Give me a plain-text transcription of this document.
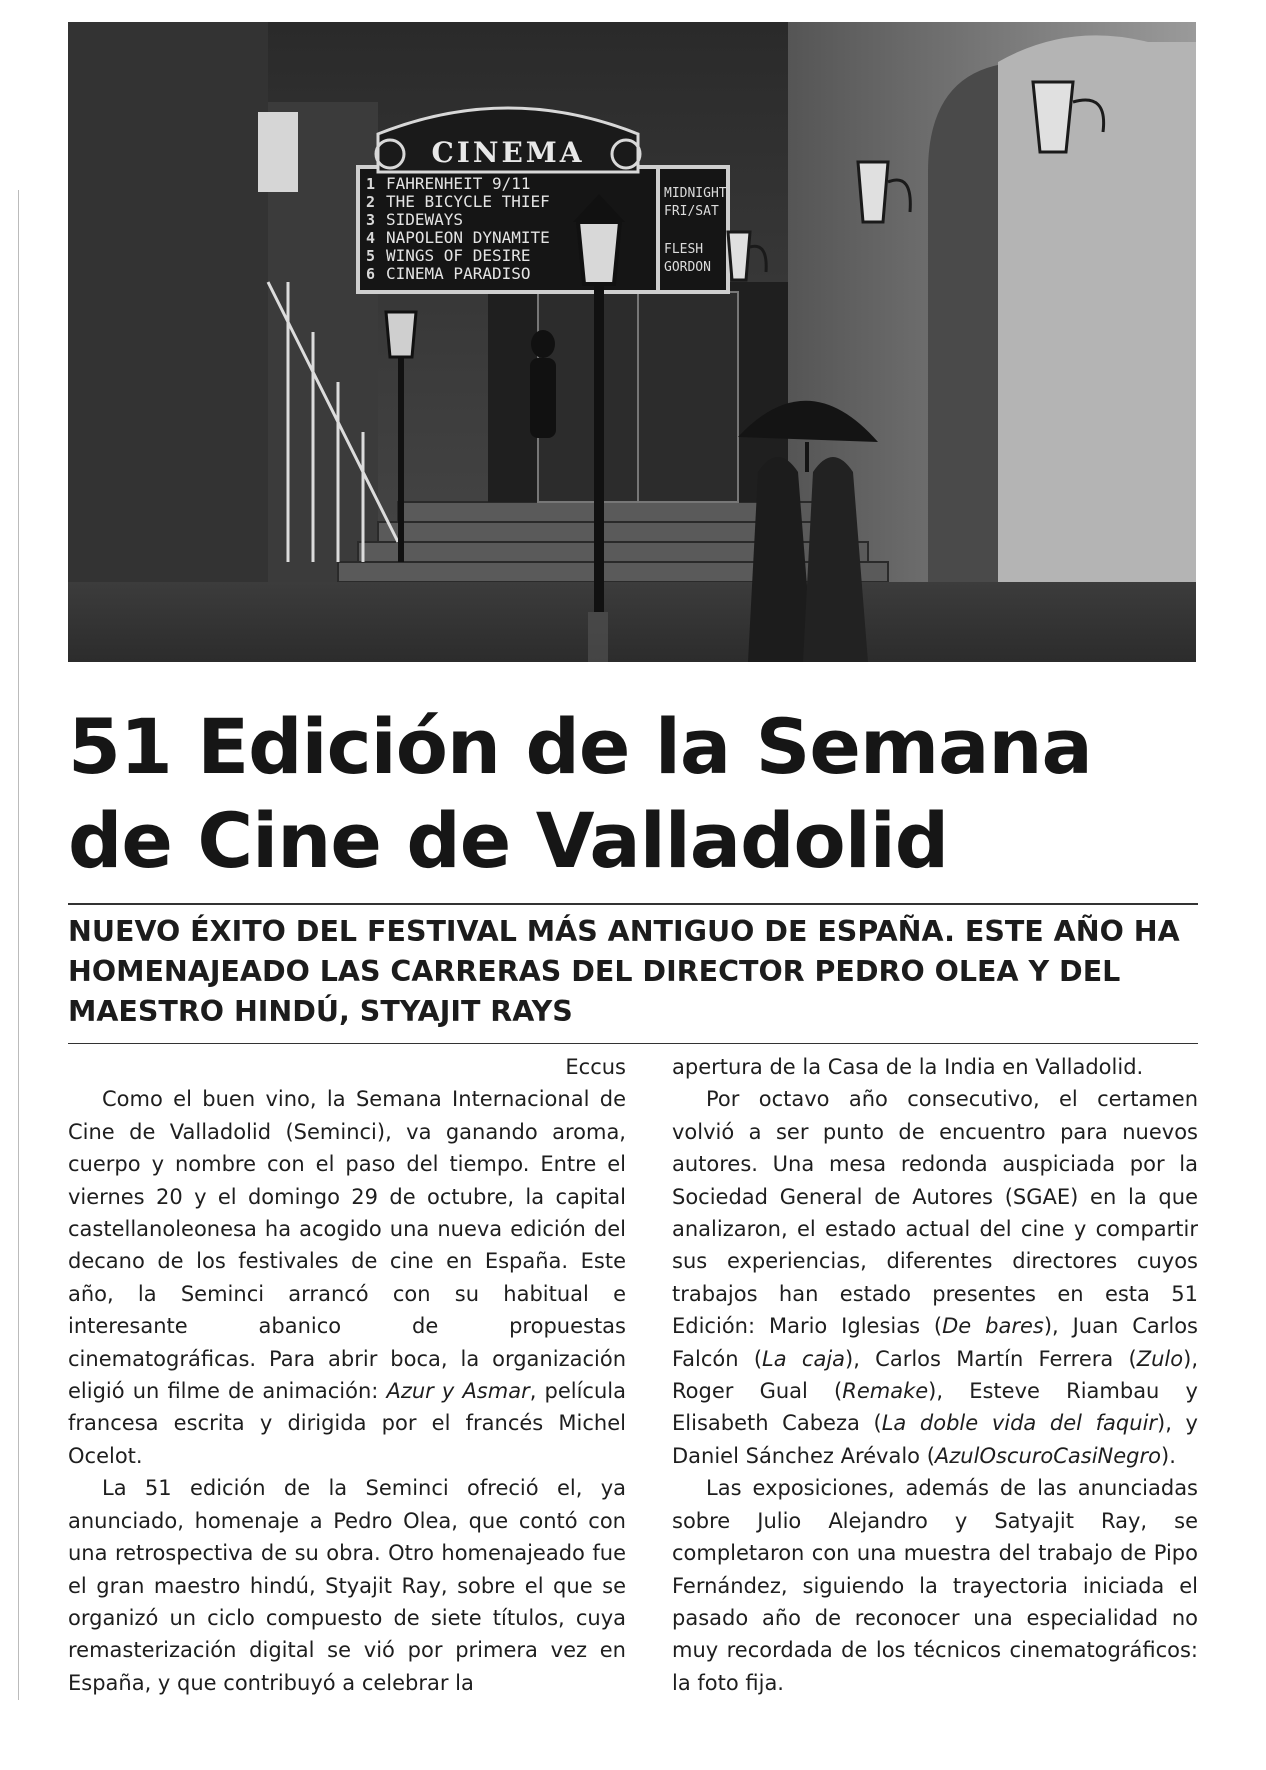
CINEMA
1
2
3
4
5
6
FAHRENHEIT 9/11
THE BICYCLE THIEF
SIDEWAYS
NAPOLEON DYNAMITE
WINGS OF DESIRE
CINEMA PARADISO
MIDNIGHT
FRI/SAT
FLESH
GORDON
51 Edición de la Semana
de Cine de Valladolid
NUEVO ÉXITO DEL FESTIVAL MÁS ANTIGUO DE ESPAÑA. ESTE AÑO HA HOMENAJEADO LAS CARRERAS DEL DIRECTOR PEDRO OLEA Y DEL MAESTRO HINDÚ, STYAJIT RAYS

Eccus

Como el buen vino, la Semana Internacional de Cine de Valladolid (Seminci), va ganando aroma, cuerpo y nombre con el paso del tiempo. Entre el viernes 20 y el domingo 29 de octubre, la capital castellanoleonesa ha acogido una nueva edición del decano de los festivales de cine en España. Este año, la Seminci arrancó con su habitual e interesante abanico de propuestas cinematográficas. Para abrir boca, la organización eligió un filme de animación: Azur y Asmar, película francesa escrita y dirigida por el francés Michel Ocelot.

La 51 edición de la Seminci ofreció el, ya anunciado, homenaje a Pedro Olea, que contó con una retrospectiva de su obra. Otro homenajeado fue el gran maestro hindú, Styajit Ray, sobre el que se organizó un ciclo compuesto de siete títulos, cuya remasterización digital se vió por primera vez en España, y que contribuyó a celebrar la

apertura de la Casa de la India en Valladolid.

Por octavo año consecutivo, el certamen volvió a ser punto de encuentro para nuevos autores. Una mesa redonda auspiciada por la Sociedad General de Autores (SGAE) en la que analizaron, el estado actual del cine y compartir sus experiencias, diferentes directores cuyos trabajos han estado presentes en esta 51 Edición: Mario Iglesias (De bares), Juan Carlos Falcón (La caja), Carlos Martín Ferrera (Zulo), Roger Gual (Remake), Esteve Riambau y Elisabeth Cabeza (La doble vida del faquir), y Daniel Sánchez Arévalo (AzulOscuroCasiNegro).

Las exposiciones, además de las anunciadas sobre Julio Alejandro y Satyajit Ray, se completaron con una muestra del trabajo de Pipo Fernández, siguiendo la trayectoria iniciada el pasado año de reconocer una especialidad no muy recordada de los técnicos cinematográficos: la foto fija.
